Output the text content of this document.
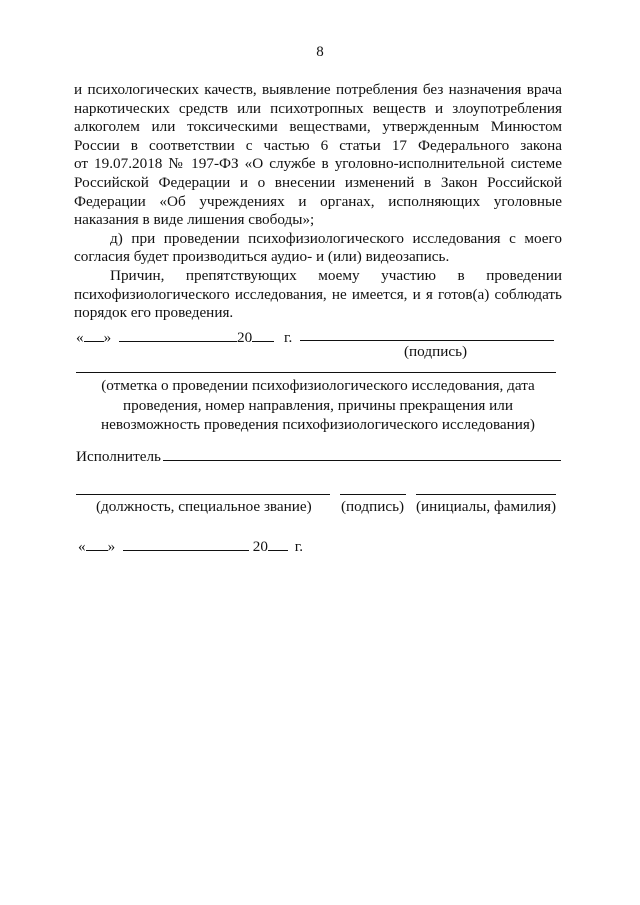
8
и психологических качеств, выявление потребления без назначения врача
наркотических средств или психотропных веществ и злоупотребления
алкоголем или токсическими веществами, утвержденным Минюстом
России в соответствии с частью 6 статьи 17 Федерального закона
от 19.07.2018 № 197-ФЗ «О службе в уголовно-исполнительной системе
Российской Федерации и о внесении изменений в Закон Российской
Федерации «Об учреждениях и органах, исполняющих уголовные
наказания в виде лишения свободы»;
д) при проведении психофизиологического исследования с моего
согласия будет производиться аудио- и (или) видеозапись.
Причин, препятствующих моему участию в проведении
психофизиологического исследования, не имеется, и я готов(а) соблюдать
порядок его проведения.
« »	20 г.
(подпись)
(отметка о проведении психофизиологического исследования, дата
проведения, номер направления, причины прекращения или
невозможность проведения психофизиологического исследования)
Исполнитель
(должность, специальное звание) (подпись) (инициалы, фамилия)
« »	20 г.
